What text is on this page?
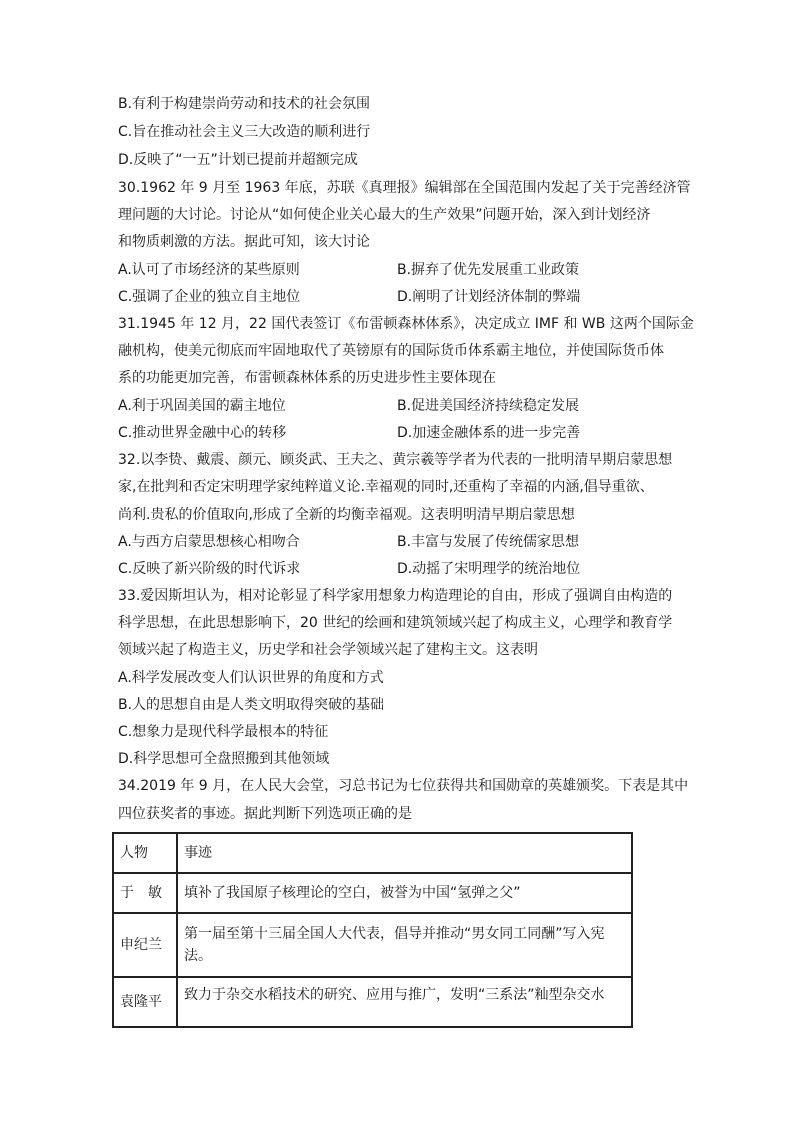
B.有利于构建崇尚劳动和技术的社会氛围
C.旨在推动社会主义三大改造的顺利进行
D.反映了“一五”计划已提前并超额完成
30.1962 年 9 月至 1963 年底，苏联《真理报》编辑部在全国范围内发起了关于完善经济管
理问题的大讨论。讨论从“如何使企业关心最大的生产效果”问题开始，深入到计划经济
和物质刺激的方法。据此可知，该大讨论
A.认可了市场经济的某些原则	B.摒弃了优先发展重工业政策
C.强调了企业的独立自主地位	D.阐明了计划经济体制的弊端
31.1945 年 12 月，22 国代表签订《布雷顿森林体系》，决定成立 IMF 和 WB 这两个国际金
融机构，使美元彻底而牢固地取代了英镑原有的国际货币体系霸主地位，并使国际货币体
系的功能更加完善，布雷顿森林体系的历史进步性主要体现在
A.利于巩固美国的霸主地位	B.促进美国经济持续稳定发展
C.推动世界金融中心的转移	D.加速金融体系的进一步完善
32.以李贽、戴震、颜元、顾炎武、王夫之、黄宗羲等学者为代表的一批明清早期启蒙思想
家,在批判和否定宋明理学家纯粹道义论.幸福观的同时,还重构了幸福的内涵,倡导重欲、
尚利.贵私的价值取向,形成了全新的均衡幸福观。这表明明清早期启蒙思想
A.与西方启蒙思想核心相吻合	B.丰富与发展了传统儒家思想
C.反映了新兴阶级的时代诉求	D.动摇了宋明理学的统治地位
33.爱因斯坦认为，相对论彰显了科学家用想象力构造理论的自由，形成了强调自由构造的
科学思想，在此思想影响下，20 世纪的绘画和建筑领域兴起了构成主义，心理学和教育学
领域兴起了构造主义，历史学和社会学领域兴起了建构主文。这表明
A.科学发展改变人们认识世界的角度和方式
B.人的思想自由是人类文明取得突破的基础
C.想象力是现代科学最根本的特征
D.科学思想可全盘照搬到其他领域
34.2019 年 9 月，在人民大会堂，习总书记为七位获得共和国勋章的英雄颁奖。下表是其中
四位获奖者的事迹。据此判断下列选项正确的是
人物	事迹
于　敏	填补了我国原子核理论的空白，被誉为中国“氢弹之父”
申纪兰	第一届至第十三届全国人大代表，倡导并推动“男女同工同酬”写入宪法。
袁隆平	致力于杂交水稻技术的研究、应用与推广，发明“三系法”籼型杂交水
